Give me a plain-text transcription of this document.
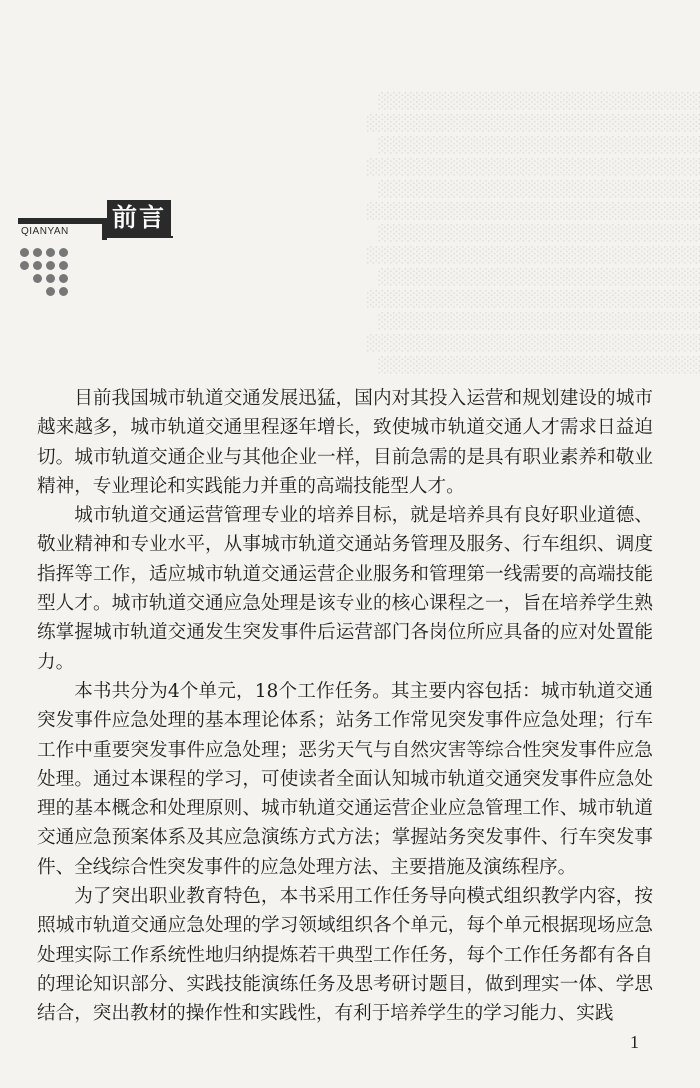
░░░░░░░░░░░░░░░░░░░░░░░░░░░░
░░░░░░░░░░░░░░░░░░░░░░░░░░░░░
░░░░░░░░░░░░░░░░░░░░░░░░░░░░
░░░░░░░░░░░░░░░░░░░░░░░░░░░░░
░░░░░░░░░░░░░░░░░░░░░░░░░░░░
░░░░░░░░░░░░░░░░░░░░░░░░░░░░░
░░░░░░░░░░░░░░░░░░░░░░░░░░░░
░░░░░░░░░░░░░░░░░░░░░░░░░░░░░
░░░░░░░░░░░░░░░░░░░░░░░░░░░░
░░░░░░░░░░░░░░░░░░░░░░░░░░░░░
░░░░░░░░░░░░░░░░░░░░░░░░░░░░
░░░░░░░░░░░░░░░░░░░░░░░░░░░░░
░░░░░░░░░░░░░░░░░░░░░░░░░░░░
QIANYAN 前言

目前我国城市轨道交通发展迅猛，国内对其投入运营和规划建设的城市越来越多，城市轨道交通里程逐年增长，致使城市轨道交通人才需求日益迫切。城市轨道交通企业与其他企业一样，目前急需的是具有职业素养和敬业精神，专业理论和实践能力并重的高端技能型人才。

城市轨道交通运营管理专业的培养目标，就是培养具有良好职业道德、敬业精神和专业水平，从事城市轨道交通站务管理及服务、行车组织、调度指挥等工作，适应城市轨道交通运营企业服务和管理第一线需要的高端技能型人才。城市轨道交通应急处理是该专业的核心课程之一，旨在培养学生熟练掌握城市轨道交通发生突发事件后运营部门各岗位所应具备的应对处置能力。

本书共分为4个单元，18个工作任务。其主要内容包括：城市轨道交通突发事件应急处理的基本理论体系；站务工作常见突发事件应急处理；行车工作中重要突发事件应急处理；恶劣天气与自然灾害等综合性突发事件应急处理。通过本课程的学习，可使读者全面认知城市轨道交通突发事件应急处理的基本概念和处理原则、城市轨道交通运营企业应急管理工作、城市轨道交通应急预案体系及其应急演练方式方法；掌握站务突发事件、行车突发事件、全线综合性突发事件的应急处理方法、主要措施及演练程序。

为了突出职业教育特色，本书采用工作任务导向模式组织教学内容，按照城市轨道交通应急处理的学习领域组织各个单元，每个单元根据现场应急处理实际工作系统性地归纳提炼若干典型工作任务，每个工作任务都有各自的理论知识部分、实践技能演练任务及思考研讨题目，做到理实一体、学思结合，突出教材的操作性和实践性，有利于培养学生的学习能力、实践

1
